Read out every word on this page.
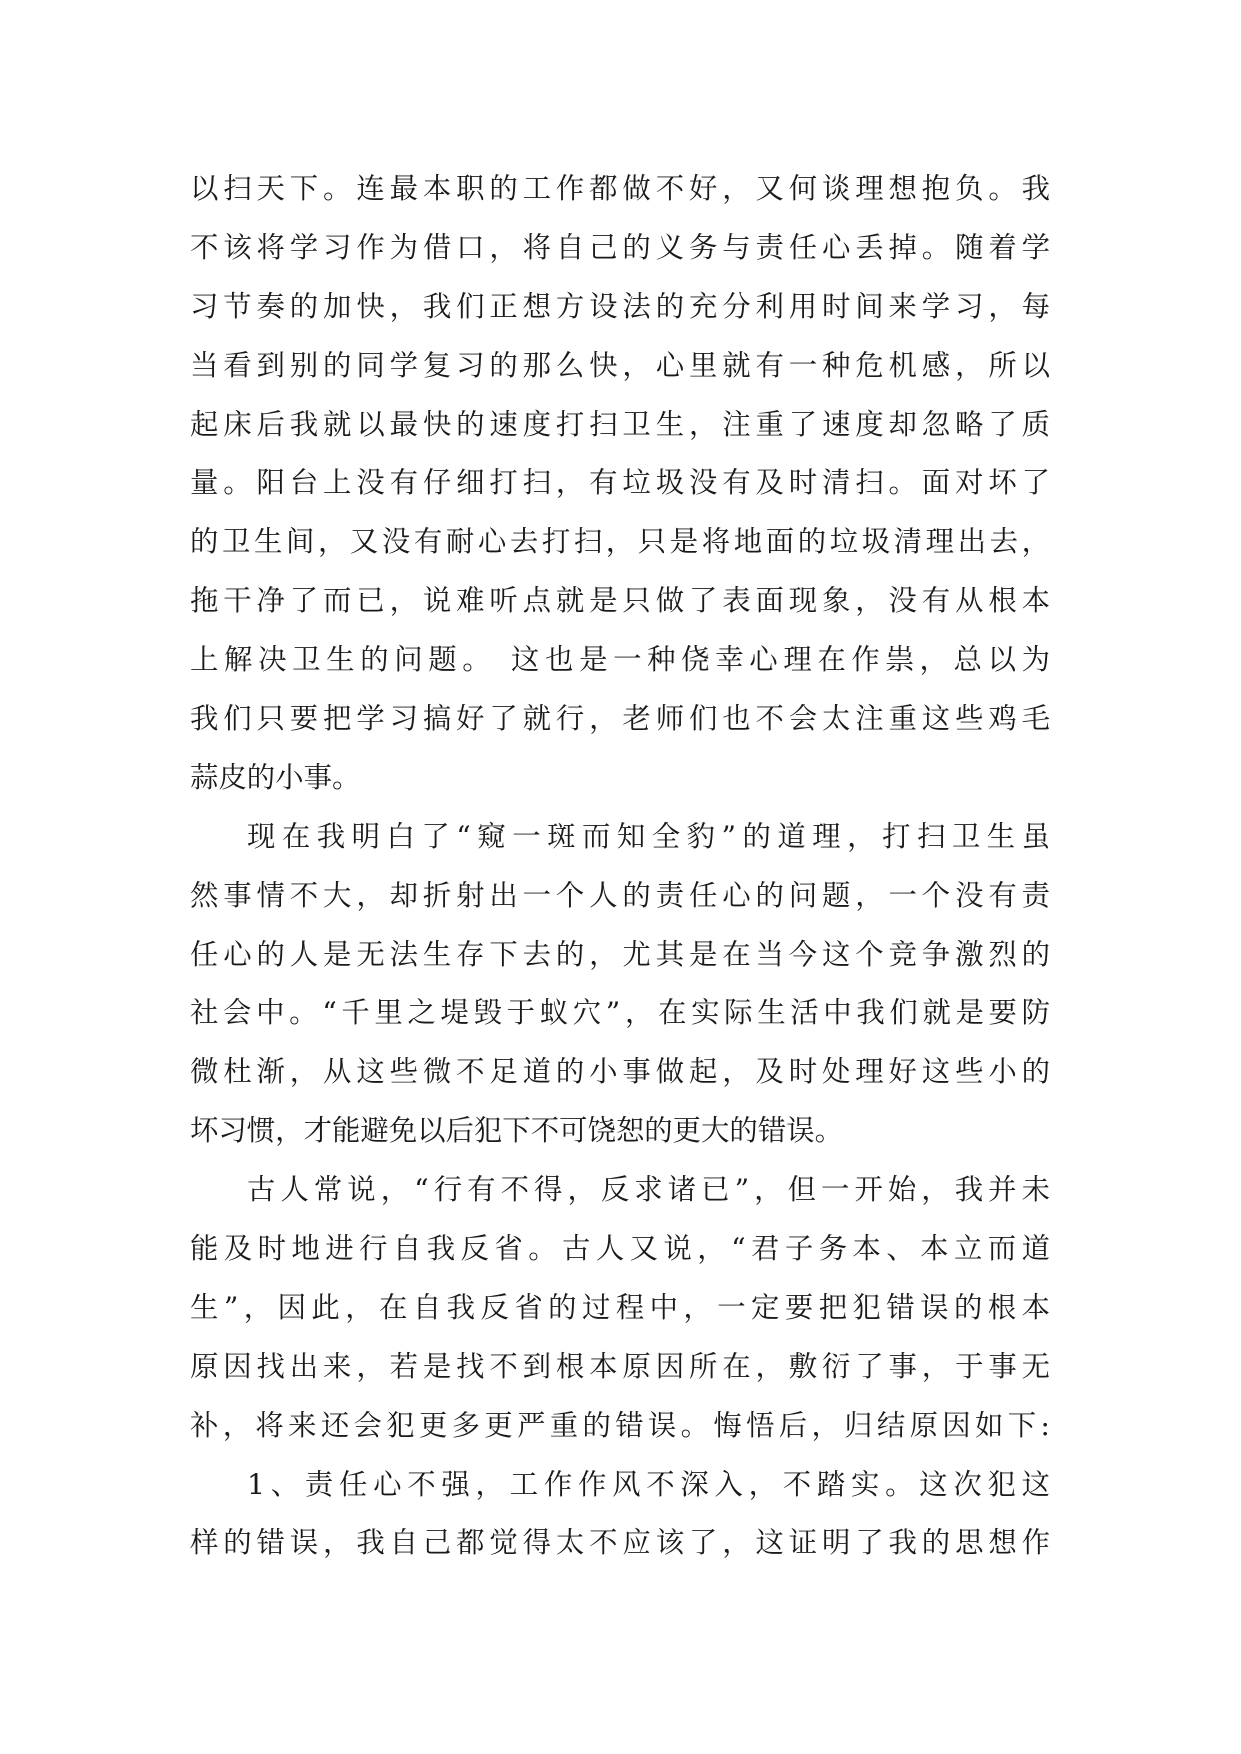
以扫天下。连最本职的工作都做不好，又何谈理想抱负。我
不该将学习作为借口，将自己的义务与责任心丢掉。随着学
习节奏的加快，我们正想方设法的充分利用时间来学习，每
当看到别的同学复习的那么快，心里就有一种危机感，所以
起床后我就以最快的速度打扫卫生，注重了速度却忽略了质
量。阳台上没有仔细打扫，有垃圾没有及时清扫。面对坏了
的卫生间，又没有耐心去打扫，只是将地面的垃圾清理出去，
拖干净了而已，说难听点就是只做了表面现象，没有从根本
上解决卫生的问题。 这也是一种侥幸心理在作祟，总以为
我们只要把学习搞好了就行，老师们也不会太注重这些鸡毛
蒜皮的小事。
现在我明白了“窥一斑而知全豹”的道理，打扫卫生虽
然事情不大，却折射出一个人的责任心的问题，一个没有责
任心的人是无法生存下去的，尤其是在当今这个竞争激烈的
社会中。“千里之堤毁于蚁穴”，在实际生活中我们就是要防
微杜渐，从这些微不足道的小事做起，及时处理好这些小的
坏习惯，才能避免以后犯下不可饶恕的更大的错误。
古人常说，“行有不得，反求诸已”，但一开始，我并未
能及时地进行自我反省。古人又说，“君子务本、本立而道
生”，因此，在自我反省的过程中，一定要把犯错误的根本
原因找出来，若是找不到根本原因所在，敷衍了事，于事无
补，将来还会犯更多更严重的错误。悔悟后，归结原因如下:
1、责任心不强，工作作风不深入，不踏实。这次犯这
样的错误，我自己都觉得太不应该了，这证明了我的思想作
